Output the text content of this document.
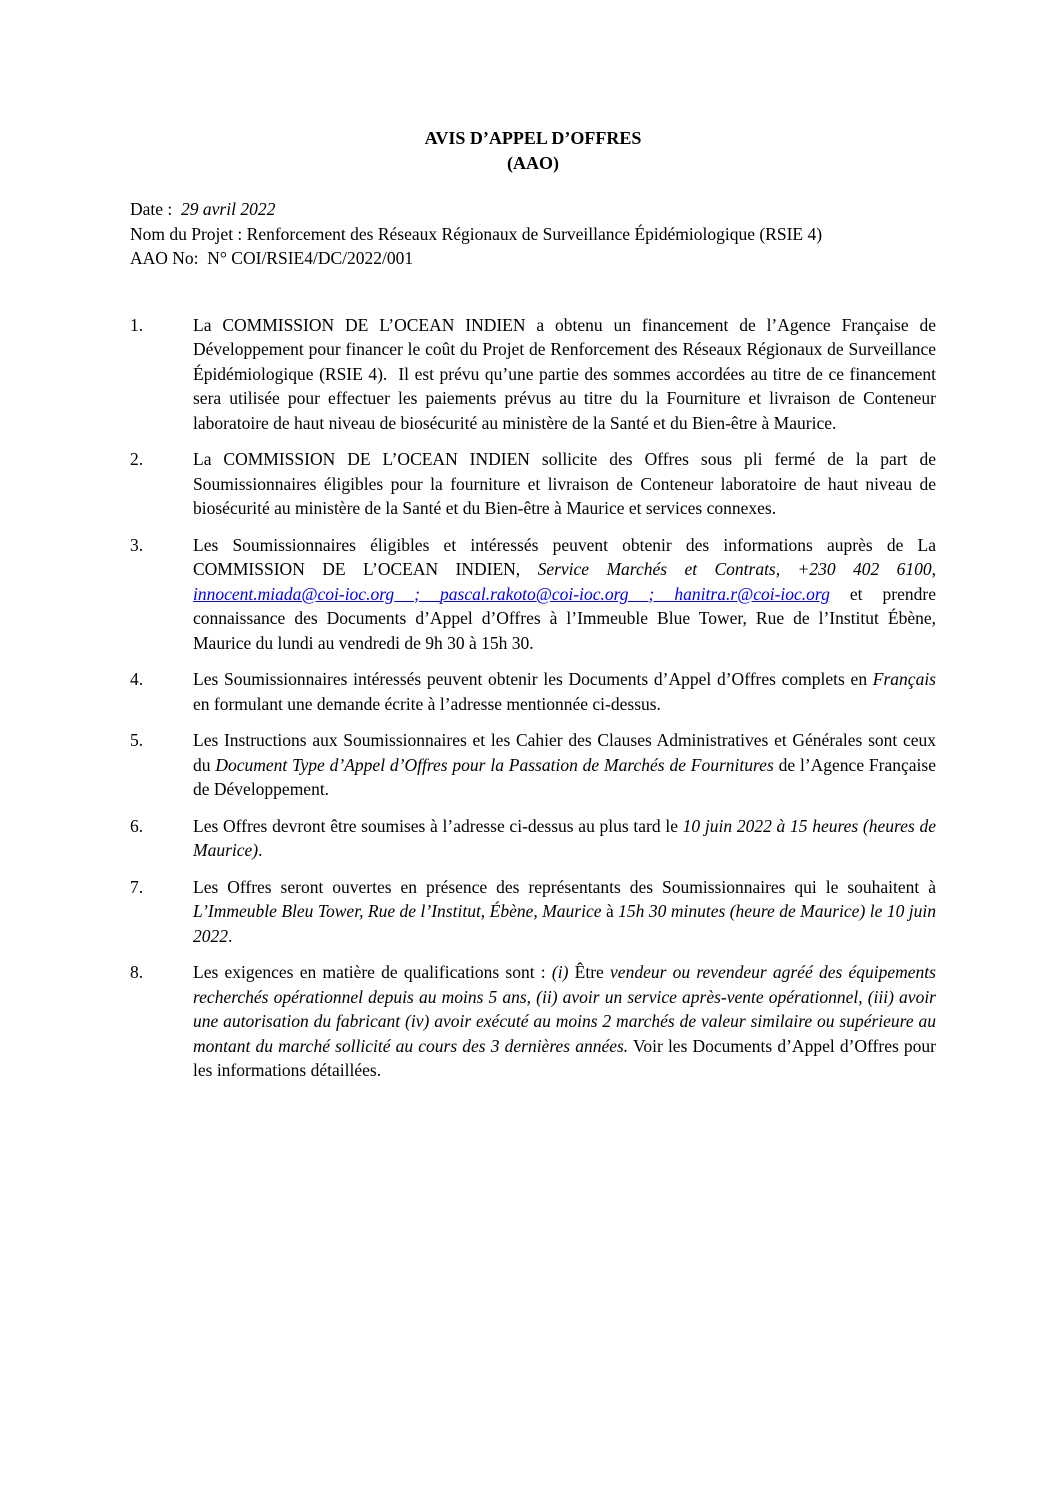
AVIS D’APPEL D’OFFRES
(AAO)
Date :  29 avril 2022
Nom du Projet : Renforcement des Réseaux Régionaux de Surveillance Épidémiologique (RSIE 4)
AAO No:  N° COI/RSIE4/DC/2022/001
1.	La COMMISSION DE L’OCEAN INDIEN a obtenu un financement de l’Agence Française de Développement pour financer le coût du Projet de Renforcement des Réseaux Régionaux de Surveillance Épidémiologique (RSIE 4).  Il est prévu qu’une partie des sommes accordées au titre de ce financement sera utilisée pour effectuer les paiements prévus au titre du la Fourniture et livraison de Conteneur laboratoire de haut niveau de biosécurité au ministère de la Santé et du Bien-être à Maurice.
2.	La COMMISSION DE L’OCEAN INDIEN sollicite des Offres sous pli fermé de la part de Soumissionnaires éligibles pour la fourniture et livraison de Conteneur laboratoire de haut niveau de biosécurité au ministère de la Santé et du Bien-être à Maurice et services connexes.
3.	Les Soumissionnaires éligibles et intéressés peuvent obtenir des informations auprès de La COMMISSION DE L’OCEAN INDIEN, Service Marchés et Contrats, +230 402 6100, innocent.miada@coi-ioc.org ; pascal.rakoto@coi-ioc.org ; hanitra.r@coi-ioc.org et prendre connaissance des Documents d’Appel d’Offres à l’Immeuble Blue Tower, Rue de l’Institut Ébène, Maurice du lundi au vendredi de 9h 30 à 15h 30.
4.	Les Soumissionnaires intéressés peuvent obtenir les Documents d’Appel d’Offres complets en Français en formulant une demande écrite à l’adresse mentionnée ci-dessus.
5.	Les Instructions aux Soumissionnaires et les Cahier des Clauses Administratives et Générales sont ceux du Document Type d’Appel d’Offres pour la Passation de Marchés de Fournitures de l’Agence Française de Développement.
6.	Les Offres devront être soumises à l’adresse ci-dessus au plus tard le 10 juin 2022 à 15 heures (heures de Maurice).
7.	Les Offres seront ouvertes en présence des représentants des Soumissionnaires qui le souhaitent à L’Immeuble Bleu Tower, Rue de l’Institut, Ébène, Maurice à 15h 30 minutes (heure de Maurice) le 10 juin 2022.
8.	Les exigences en matière de qualifications sont : (i) Être vendeur ou revendeur agréé des équipements recherchés opérationnel depuis au moins 5 ans, (ii) avoir un service après-vente opérationnel, (iii) avoir une autorisation du fabricant (iv) avoir exécuté au moins 2 marchés de valeur similaire ou supérieure au montant du marché sollicité au cours des 3 dernières années. Voir les Documents d’Appel d’Offres pour les informations détaillées.
